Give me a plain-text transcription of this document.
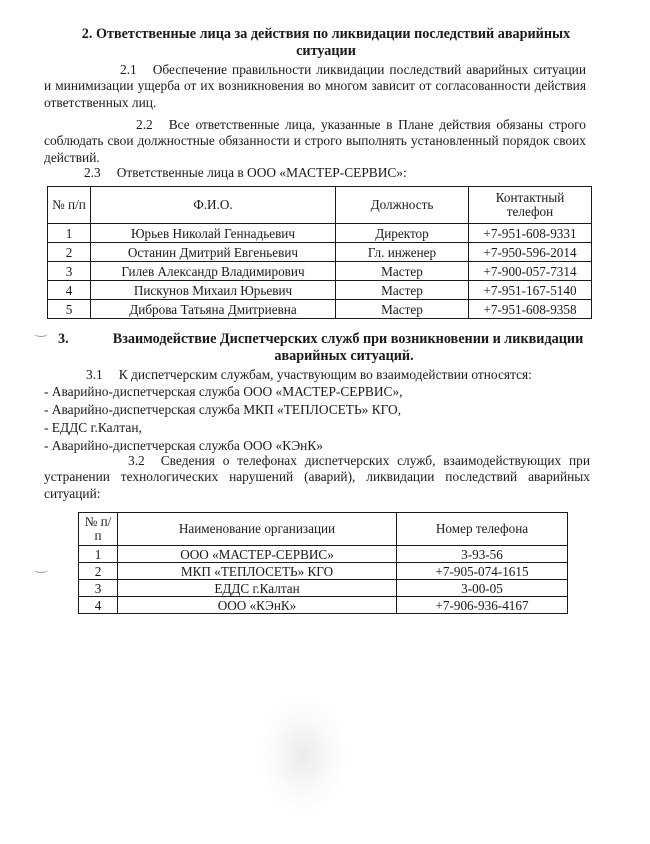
2. Ответственные лица за действия по ликвидации последствий аварийных
ситуации
2.1 Обеспечение правильности ликвидации последствий аварийных ситуации и минимизации ущерба от их возникновения во многом зависит от согласованности действия ответственных лиц.
2.2 Все ответственные лица, указанные в Плане действия обязаны строго соблюдать свои должностные обязанности и строго выполнять установленный порядок своих действий.
2.3 Ответственные лица в ООО «МАСТЕР-СЕРВИС»:
№ п/п	Ф.И.О.	Должность	Контактный телефон
1	Юрьев Николай Геннадьевич	Директор	+7-951-608-9331
2	Останин Дмитрий Евгеньевич	Гл. инженер	+7-950-596-2014
3	Гилев Александр Владимирович	Мастер	+7-900-057-7314
4	Пискунов Михаил Юрьевич	Мастер	+7-951-167-5140
5	Диброва Татьяна Дмитриевна	Мастер	+7-951-608-9358
3.	Взаимодействие Диспетчерских служб при возникновении и ликвидации
аварийных ситуаций.
3.1 К диспетчерским службам, участвующим во взаимодействии относятся:
- Аварийно-диспетчерская служба ООО «МАСТЕР-СЕРВИС»,
- Аварийно-диспетчерская служба МКП «ТЕПЛОСЕТЬ» КГО,
- ЕДДС г.Калтан,
- Аварийно-диспетчерская служба ООО «КЭнК»
3.2 Сведения о телефонах диспетчерских служб, взаимодействующих при устранении технологических нарушений (аварий), ликвидации последствий аварийных ситуаций:
№ п/п	Наименование организации	Номер телефона
1	ООО «МАСТЕР-СЕРВИС»	3-93-56
2	МКП «ТЕПЛОСЕТЬ» КГО	+7-905-074-1615
3	ЕДДС г.Калтан	3-00-05
4	ООО «КЭнК»	+7-906-936-4167
